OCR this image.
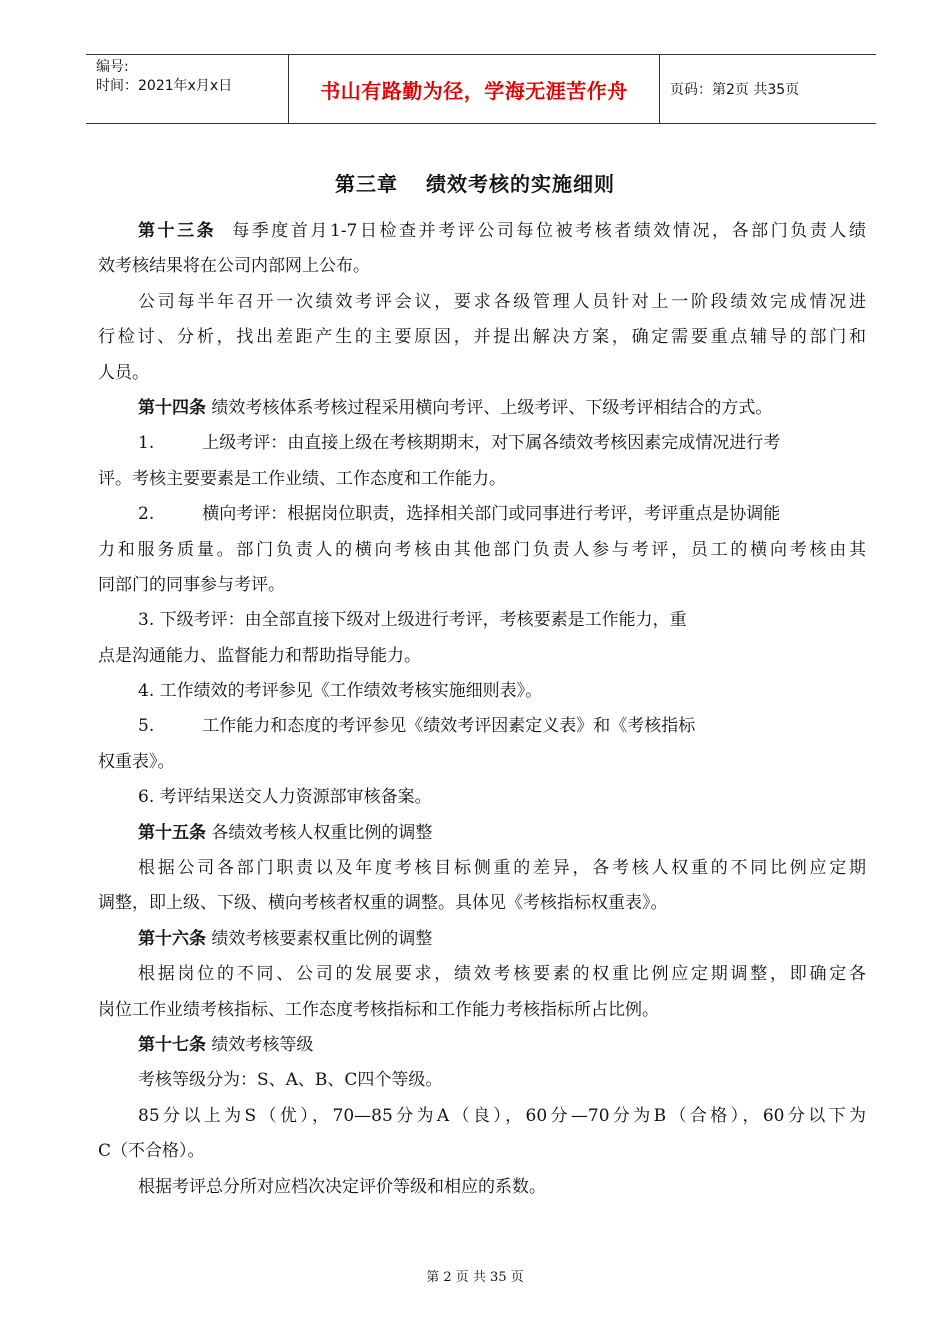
编号:
时间：2021年x月x日	书山有路勤为径，学海无涯苦作舟	页码：第2页 共35页
第三章 绩效考核的实施细则
第十三条 每季度首月1-7日检查并考评公司每位被考核者绩效情况，各部门负责人绩
效考核结果将在公司内部网上公布。
公司每半年召开一次绩效考评会议，要求各级管理人员针对上一阶段绩效完成情况进
行检讨、分析，找出差距产生的主要原因，并提出解决方案，确定需要重点辅导的部门和
人员。
第十四条 绩效考核体系考核过程采用横向考评、上级考评、下级考评相结合的方式。
1.	上级考评：由直接上级在考核期期末，对下属各绩效考核因素完成情况进行考
评。考核主要要素是工作业绩、工作态度和工作能力。
2.	横向考评：根据岗位职责，选择相关部门或同事进行考评，考评重点是协调能
力和服务质量。部门负责人的横向考核由其他部门负责人参与考评，员工的横向考核由其
同部门的同事参与考评。
3. 下级考评：由全部直接下级对上级进行考评，考核要素是工作能力，重
点是沟通能力、监督能力和帮助指导能力。
4. 工作绩效的考评参见《工作绩效考核实施细则表》。
5.	工作能力和态度的考评参见《绩效考评因素定义表》和《考核指标
权重表》。
6. 考评结果送交人力资源部审核备案。
第十五条 各绩效考核人权重比例的调整
根据公司各部门职责以及年度考核目标侧重的差异，各考核人权重的不同比例应定期
调整，即上级、下级、横向考核者权重的调整。具体见《考核指标权重表》。
第十六条 绩效考核要素权重比例的调整
根据岗位的不同、公司的发展要求，绩效考核要素的权重比例应定期调整，即确定各
岗位工作业绩考核指标、工作态度考核指标和工作能力考核指标所占比例。
第十七条 绩效考核等级
考核等级分为：S、A、B、C四个等级。
85分以上为S（优），70—85分为A（良），60分—70分为B（合格），60分以下为
C（不合格）。
根据考评总分所对应档次决定评价等级和相应的系数。
第 2 页 共 35 页
